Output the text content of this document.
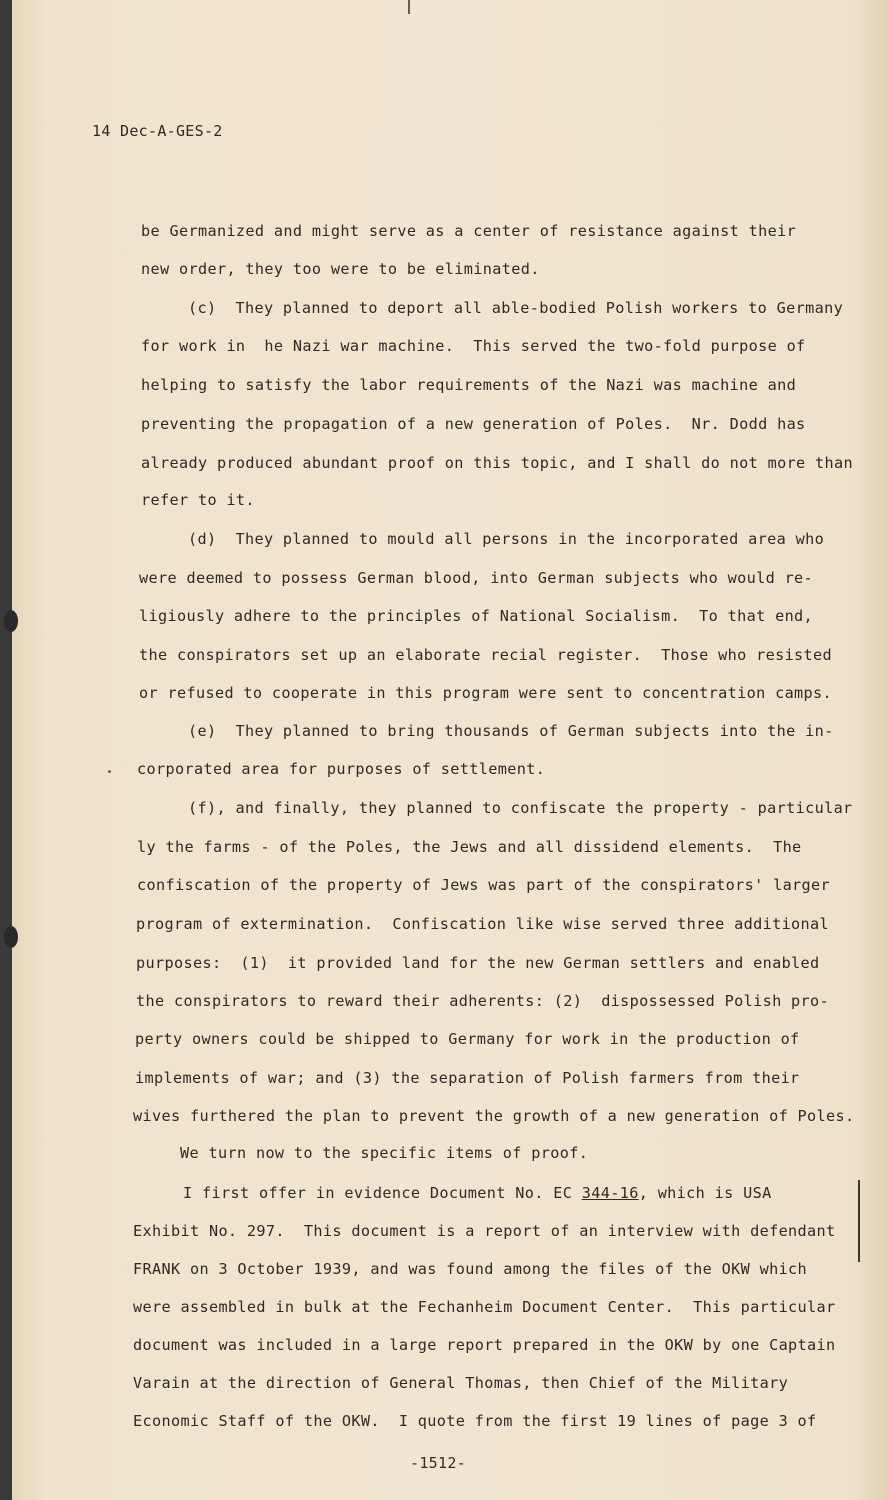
14 Dec-A-GES-2
be Germanized and might serve as a center of resistance against their
new order, they too were to be eliminated.
(c)  They planned to deport all able-bodied Polish workers to Germany
for work in  he Nazi war machine.  This served the two-fold purpose of
helping to satisfy the labor requirements of the Nazi was machine and
preventing the propagation of a new generation of Poles.  Nr. Dodd has
already produced abundant proof on this topic, and I shall do not more than
refer to it.
(d)  They planned to mould all persons in the incorporated area who
were deemed to possess German blood, into German subjects who would re-
ligiously adhere to the principles of National Socialism.  To that end,
the conspirators set up an elaborate recial register.  Those who resisted
or refused to cooperate in this program were sent to concentration camps.
(e)  They planned to bring thousands of German subjects into the in-
corporated area for purposes of settlement.
(f), and finally, they planned to confiscate the property - particular
ly the farms - of the Poles, the Jews and all dissidend elements.  The
confiscation of the property of Jews was part of the conspirators' larger
program of extermination.  Confiscation like wise served three additional
purposes:  (1)  it provided land for the new German settlers and enabled
the conspirators to reward their adherents: (2)  dispossessed Polish pro-
perty owners could be shipped to Germany for work in the production of
implements of war; and (3) the separation of Polish farmers from their
wives furthered the plan to prevent the growth of a new generation of Poles.
We turn now to the specific items of proof.
I first offer in evidence Document No. EC 344-16, which is USA
Exhibit No. 297.  This document is a report of an interview with defendant
FRANK on 3 October 1939, and was found among the files of the OKW which
were assembled in bulk at the Fechanheim Document Center.  This particular
document was included in a large report prepared in the OKW by one Captain
Varain at the direction of General Thomas, then Chief of the Military
Economic Staff of the OKW.  I quote from the first 19 lines of page 3 of
-1512-
